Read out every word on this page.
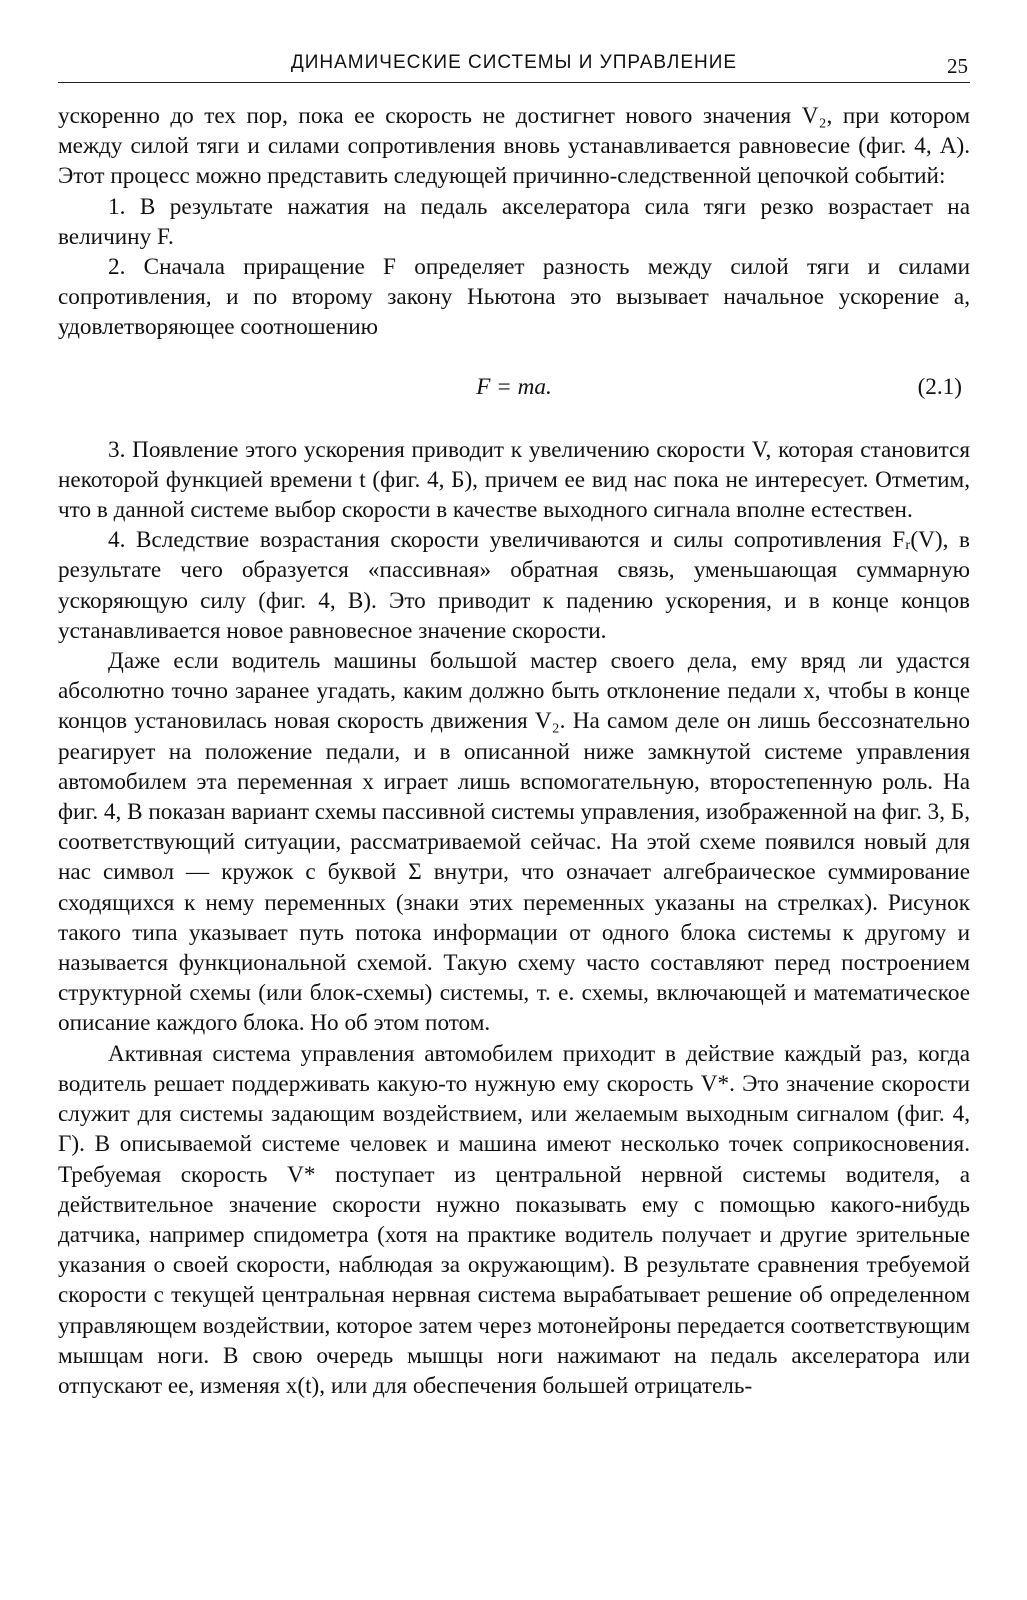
ДИНАМИЧЕСКИЕ СИСТЕМЫ И УПРАВЛЕНИЕ	25

ускоренно до тех пор, пока ее скорость не достигнет нового значения V₂, при котором между силой тяги и силами сопротивления вновь устанавливается равновесие (фиг. 4, А). Этот процесс можно представить следующей причинно-следственной цепочкой событий:

1. В результате нажатия на педаль акселератора сила тяги резко возрастает на величину F.

2. Сначала приращение F определяет разность между силой тяги и силами сопротивления, и по второму закону Ньютона это вызывает начальное ускорение a, удовлетворяющее соотношению

F = ma.	(2.1)

3. Появление этого ускорения приводит к увеличению скорости V, которая становится некоторой функцией времени t (фиг. 4, Б), причем ее вид нас пока не интересует. Отметим, что в данной системе выбор скорости в качестве выходного сигнала вполне естествен.

4. Вследствие возрастания скорости увеличиваются и силы сопротивления Fᵣ(V), в результате чего образуется «пассивная» обратная связь, уменьшающая суммарную ускоряющую силу (фиг. 4, В). Это приводит к падению ускорения, и в конце концов устанавливается новое равновесное значение скорости.

Даже если водитель машины большой мастер своего дела, ему вряд ли удастся абсолютно точно заранее угадать, каким должно быть отклонение педали x, чтобы в конце концов установилась новая скорость движения V₂. На самом деле он лишь бессознательно реагирует на положение педали, и в описанной ниже замкнутой системе управления автомобилем эта переменная x играет лишь вспомогательную, второстепенную роль. На фиг. 4, В показан вариант схемы пассивной системы управления, изображенной на фиг. 3, Б, соответствующий ситуации, рассматриваемой сейчас. На этой схеме появился новый для нас символ — кружок с буквой Σ внутри, что означает алгебраическое суммирование сходящихся к нему переменных (знаки этих переменных указаны на стрелках). Рисунок такого типа указывает путь потока информации от одного блока системы к другому и называется функциональной схемой. Такую схему часто составляют перед построением структурной схемы (или блок-схемы) системы, т. е. схемы, включающей и математическое описание каждого блока. Но об этом потом.

Активная система управления автомобилем приходит в действие каждый раз, когда водитель решает поддерживать какую-то нужную ему скорость V*. Это значение скорости служит для системы задающим воздействием, или желаемым выходным сигналом (фиг. 4, Г). В описываемой системе человек и машина имеют несколько точек соприкосновения. Требуемая скорость V* поступает из центральной нервной системы водителя, а действительное значение скорости нужно показывать ему с помощью какого-нибудь датчика, например спидометра (хотя на практике водитель получает и другие зрительные указания о своей скорости, наблюдая за окружающим). В результате сравнения требуемой скорости с текущей центральная нервная система вырабатывает решение об определенном управляющем воздействии, которое затем через мотонейроны передается соответствующим мышцам ноги. В свою очередь мышцы ноги нажимают на педаль акселератора или отпускают ее, изменяя x(t), или для обеспечения большей отрицатель-
